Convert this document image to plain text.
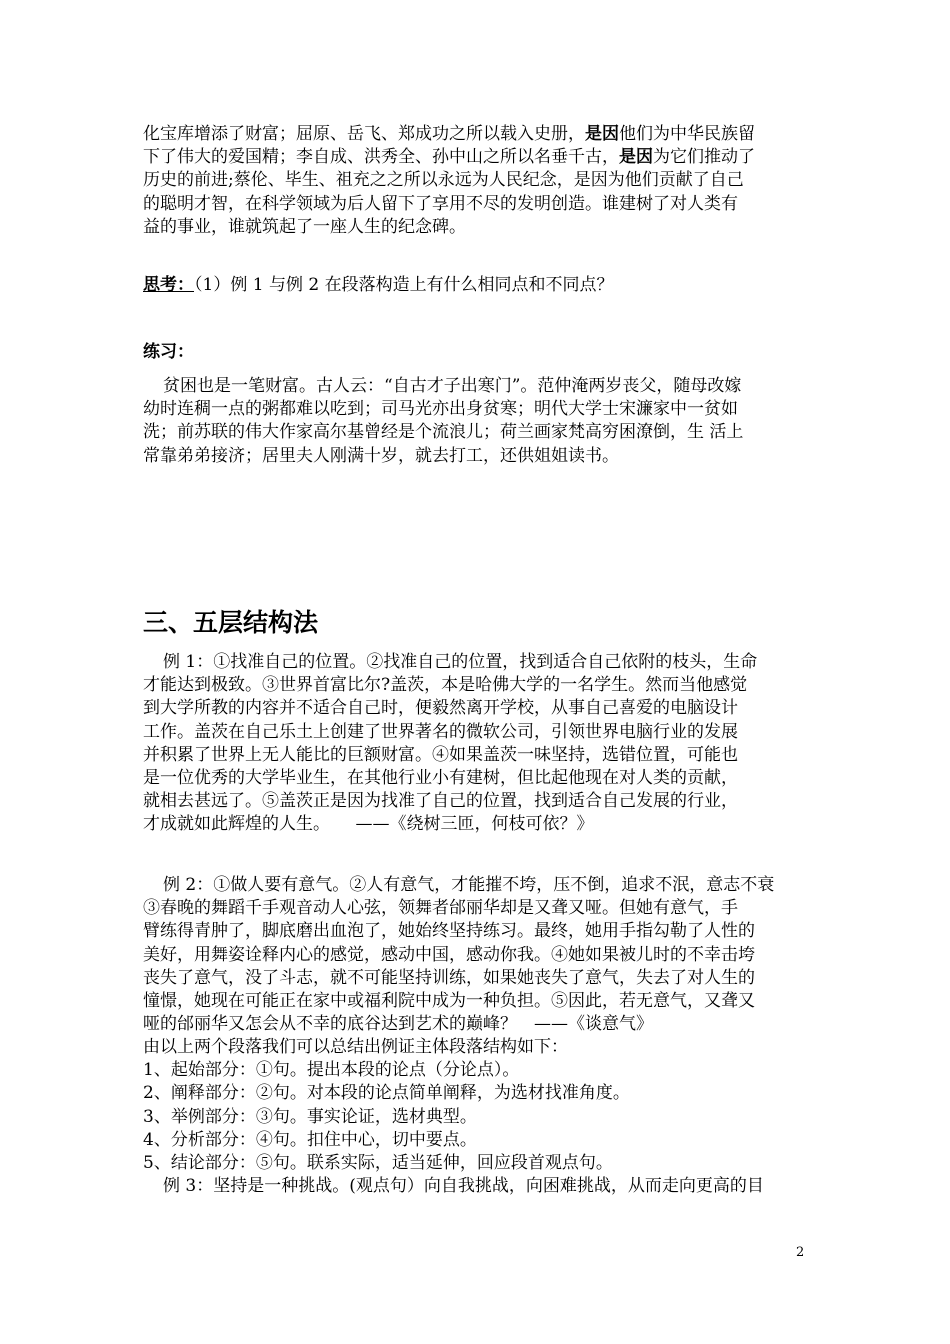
化宝库增添了财富；屈原、岳飞、郑成功之所以载入史册，是因他们为中华民族留
下了伟大的爱国精；李自成、洪秀全、孙中山之所以名垂千古，是因为它们推动了
历史的前进;蔡伦、毕生、祖充之之所以永远为人民纪念，是因为他们贡献了自己
的聪明才智，在科学领域为后人留下了享用不尽的发明创造。谁建树了对人类有
益的事业，谁就筑起了一座人生的纪念碑。
思考：（1）例 1 与例 2 在段落构造上有什么相同点和不同点？
练习：
贫困也是一笔财富。古人云：“自古才子出寒门”。范仲淹两岁丧父，随母改嫁
幼时连稠一点的粥都难以吃到；司马光亦出身贫寒；明代大学士宋濂家中一贫如
洗；前苏联的伟大作家高尔基曾经是个流浪儿；荷兰画家梵高穷困潦倒，生 活上
常靠弟弟接济；居里夫人刚满十岁，就去打工，还供姐姐读书。
三、五层结构法
例 1：①找准自己的位置。②找准自己的位置，找到适合自己依附的枝头，生命
才能达到极致。③世界首富比尔?盖茨，本是哈佛大学的一名学生。然而当他感觉
到大学所教的内容并不适合自己时，便毅然离开学校，从事自己喜爱的电脑设计
工作。盖茨在自己乐土上创建了世界著名的微软公司，引领世界电脑行业的发展
并积累了世界上无人能比的巨额财富。④如果盖茨一味坚持，选错位置，可能也
是一位优秀的大学毕业生，在其他行业小有建树，但比起他现在对人类的贡献，
就相去甚远了。⑤盖茨正是因为找准了自己的位置，找到适合自己发展的行业，
才成就如此辉煌的人生。　　——《绕树三匝，何枝可依？》
例 2：①做人要有意气。②人有意气，才能摧不垮，压不倒，追求不泯，意志不衰
③春晚的舞蹈千手观音动人心弦，领舞者邰丽华却是又聋又哑。但她有意气，手
臂练得青肿了，脚底磨出血泡了，她始终坚持练习。最终，她用手指勾勒了人性的
美好，用舞姿诠释内心的感觉，感动中国，感动你我。④她如果被儿时的不幸击垮
丧失了意气，没了斗志，就不可能坚持训练，如果她丧失了意气，失去了对人生的
憧憬，她现在可能正在家中或福利院中成为一种负担。⑤因此，若无意气，又聋又
哑的邰丽华又怎会从不幸的底谷达到艺术的巅峰？　——《谈意气》
由以上两个段落我们可以总结出例证主体段落结构如下：
1、起始部分：①句。提出本段的论点（分论点）。
2、阐释部分：②句。对本段的论点简单阐释，为选材找准角度。
3、举例部分：③句。事实论证，选材典型。
4、分析部分：④句。扣住中心，切中要点。
5、结论部分：⑤句。联系实际，适当延伸，回应段首观点句。
例 3：坚持是一种挑战。(观点句）向自我挑战，向困难挑战，从而走向更高的目
2
